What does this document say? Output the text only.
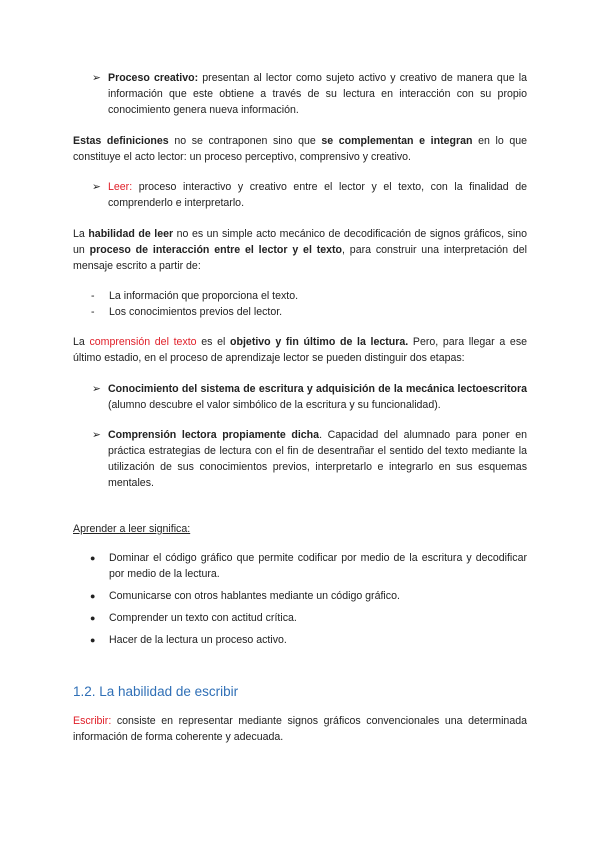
➢ Proceso creativo: presentan al lector como sujeto activo y creativo de manera que la información que este obtiene a través de su lectura en interacción con su propio conocimiento genera nueva información.

Estas definiciones no se contraponen sino que se complementan e integran en lo que constituye el acto lector: un proceso perceptivo, comprensivo y creativo.

➢ Leer: proceso interactivo y creativo entre el lector y el texto, con la finalidad de comprenderlo e interpretarlo.

La habilidad de leer no es un simple acto mecánico de decodificación de signos gráficos, sino un proceso de interacción entre el lector y el texto, para construir una interpretación del mensaje escrito a partir de:

- La información que proporciona el texto.
- Los conocimientos previos del lector.

La comprensión del texto es el objetivo y fin último de la lectura. Pero, para llegar a ese último estadio, en el proceso de aprendizaje lector se pueden distinguir dos etapas:

➢ Conocimiento del sistema de escritura y adquisición de la mecánica lectoescritora (alumno descubre el valor simbólico de la escritura y su funcionalidad).
➢ Comprensión lectora propiamente dicha. Capacidad del alumnado para poner en práctica estrategias de lectura con el fin de desentrañar el sentido del texto mediante la utilización de sus conocimientos previos, interpretarlo e integrarlo en sus esquemas mentales.

Aprender a leer significa:

● Dominar el código gráfico que permite codificar por medio de la escritura y decodificar por medio de la lectura.
● Comunicarse con otros hablantes mediante un código gráfico.
● Comprender un texto con actitud crítica.
● Hacer de la lectura un proceso activo.
1.2. La habilidad de escribir

Escribir: consiste en representar mediante signos gráficos convencionales una determinada información de forma coherente y adecuada.
